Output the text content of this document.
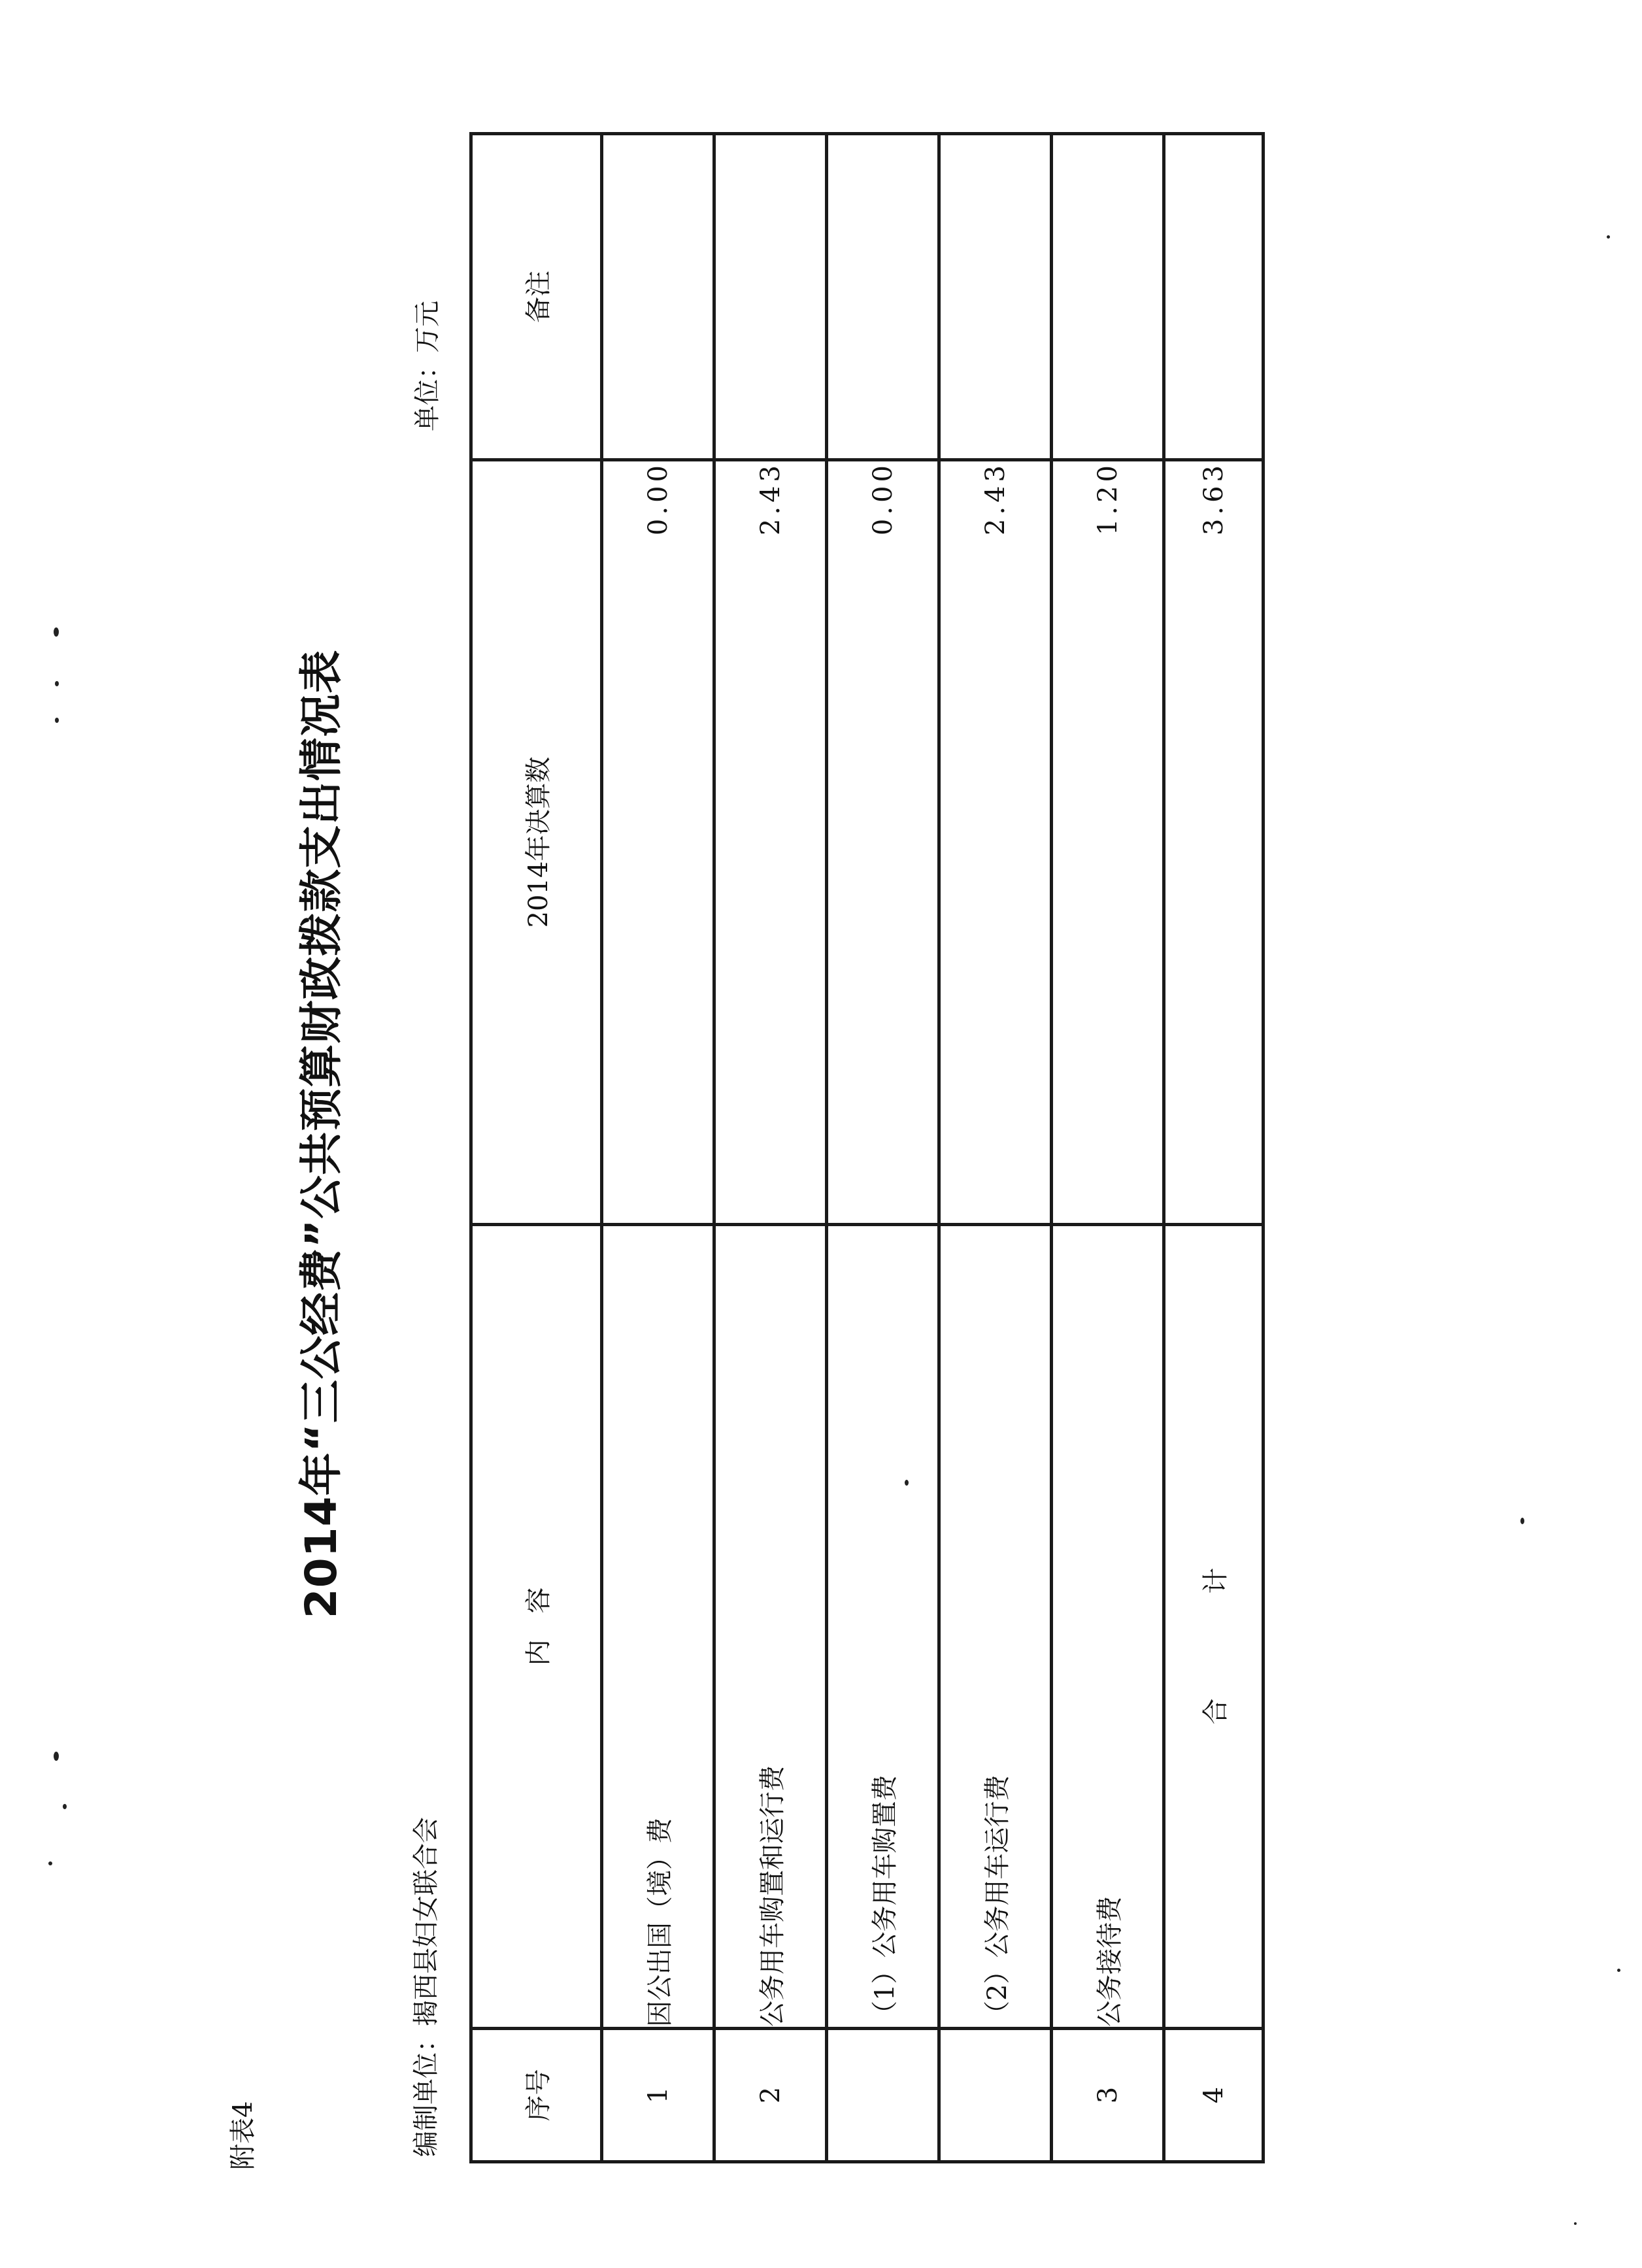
附表4
2014年“三公经费”公共预算财政拨款支出情况表
编制单位：揭西县妇女联合会
单位：万元
序号	内　容	2014年决算数	备注
1	因公出国（境）费	0.00	
2	公务用车购置和运行费	2.43	
	（1）公务用车购置费	0.00	
	（2）公务用车运行费	2.43	
3	公务接待费	1.20	
4	合　计	3.63	
